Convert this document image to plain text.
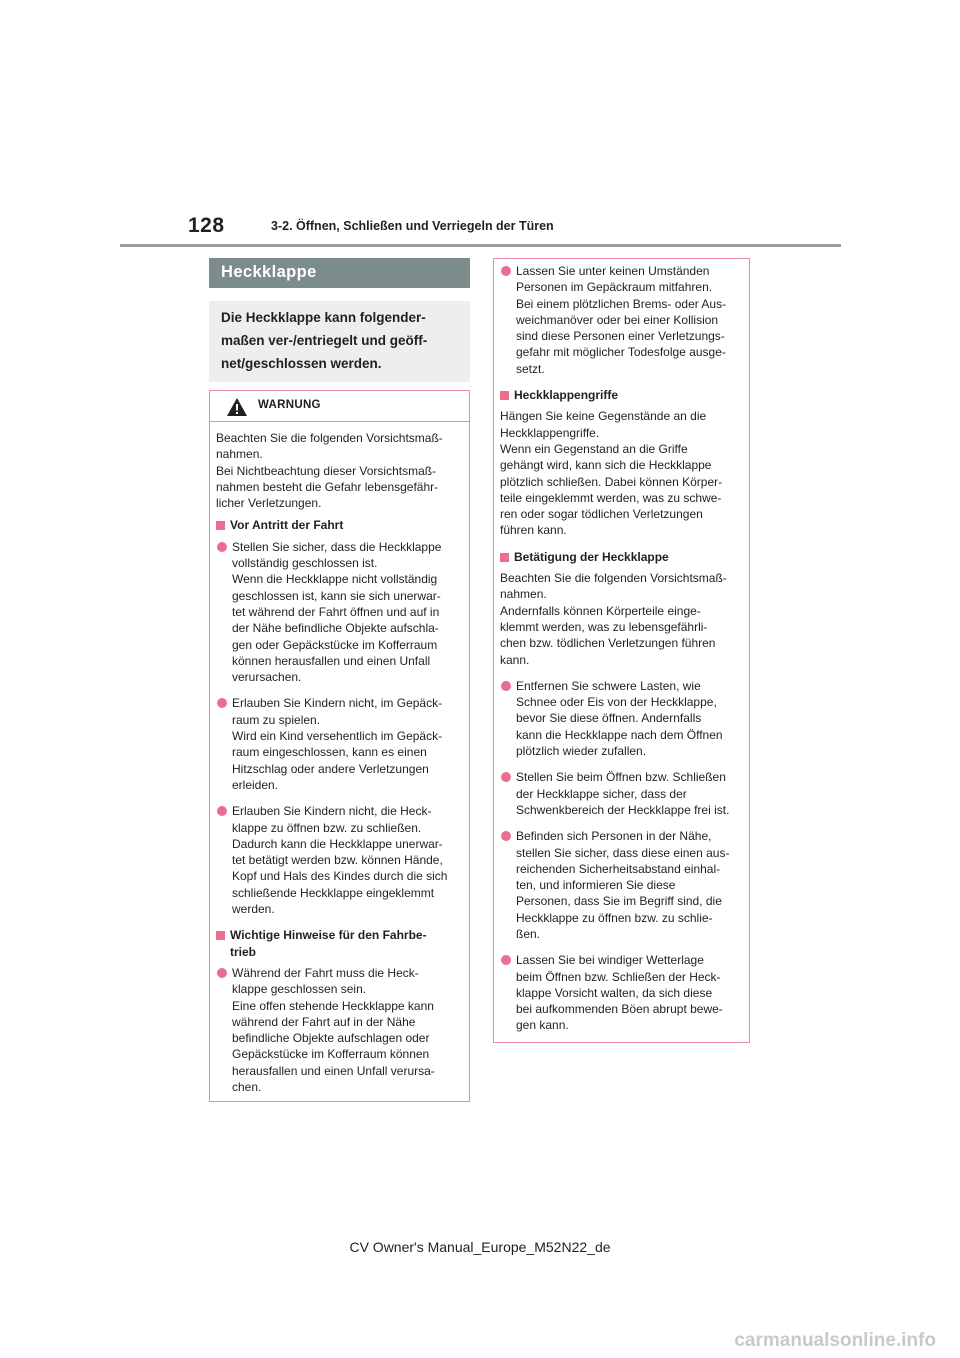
128	3-2. Öffnen, Schließen und Verriegeln der Türen
Heckklappe
Die Heckklappe kann folgender-
maßen ver-/entriegelt und geöff-
net/geschlossen werden.
WARNUNG
Beachten Sie die folgenden Vorsichtsmaß-
nahmen.
Bei Nichtbeachtung dieser Vorsichtsmaß-
nahmen besteht die Gefahr lebensgefähr-
licher Verletzungen.
Vor Antritt der Fahrt
Stellen Sie sicher, dass die Heckklappe
vollständig geschlossen ist.
Wenn die Heckklappe nicht vollständig
geschlossen ist, kann sie sich unerwar-
tet während der Fahrt öffnen und auf in
der Nähe befindliche Objekte aufschla-
gen oder Gepäckstücke im Kofferraum
können herausfallen und einen Unfall
verursachen.
Erlauben Sie Kindern nicht, im Gepäck-
raum zu spielen.
Wird ein Kind versehentlich im Gepäck-
raum eingeschlossen, kann es einen
Hitzschlag oder andere Verletzungen
erleiden.
Erlauben Sie Kindern nicht, die Heck-
klappe zu öffnen bzw. zu schließen.
Dadurch kann die Heckklappe unerwar-
tet betätigt werden bzw. können Hände,
Kopf und Hals des Kindes durch die sich
schließende Heckklappe eingeklemmt
werden.
Wichtige Hinweise für den Fahrbe-
trieb
Während der Fahrt muss die Heck-
klappe geschlossen sein.
Eine offen stehende Heckklappe kann
während der Fahrt auf in der Nähe
befindliche Objekte aufschlagen oder
Gepäckstücke im Kofferraum können
herausfallen und einen Unfall verursa-
chen.
Lassen Sie unter keinen Umständen
Personen im Gepäckraum mitfahren.
Bei einem plötzlichen Brems- oder Aus-
weichmanöver oder bei einer Kollision
sind diese Personen einer Verletzungs-
gefahr mit möglicher Todesfolge ausge-
setzt.
Heckklappengriffe
Hängen Sie keine Gegenstände an die
Heckklappengriffe.
Wenn ein Gegenstand an die Griffe
gehängt wird, kann sich die Heckklappe
plötzlich schließen. Dabei können Körper-
teile eingeklemmt werden, was zu schwe-
ren oder sogar tödlichen Verletzungen
führen kann.
Betätigung der Heckklappe
Beachten Sie die folgenden Vorsichtsmaß-
nahmen.
Andernfalls können Körperteile einge-
klemmt werden, was zu lebensgefährli-
chen bzw. tödlichen Verletzungen führen
kann.
Entfernen Sie schwere Lasten, wie
Schnee oder Eis von der Heckklappe,
bevor Sie diese öffnen. Andernfalls
kann die Heckklappe nach dem Öffnen
plötzlich wieder zufallen.
Stellen Sie beim Öffnen bzw. Schließen
der Heckklappe sicher, dass der
Schwenkbereich der Heckklappe frei ist.
Befinden sich Personen in der Nähe,
stellen Sie sicher, dass diese einen aus-
reichenden Sicherheitsabstand einhal-
ten, und informieren Sie diese
Personen, dass Sie im Begriff sind, die
Heckklappe zu öffnen bzw. zu schlie-
ßen.
Lassen Sie bei windiger Wetterlage
beim Öffnen bzw. Schließen der Heck-
klappe Vorsicht walten, da sich diese
bei aufkommenden Böen abrupt bewe-
gen kann.
CV Owner's Manual_Europe_M52N22_de
carmanualsonline.info
